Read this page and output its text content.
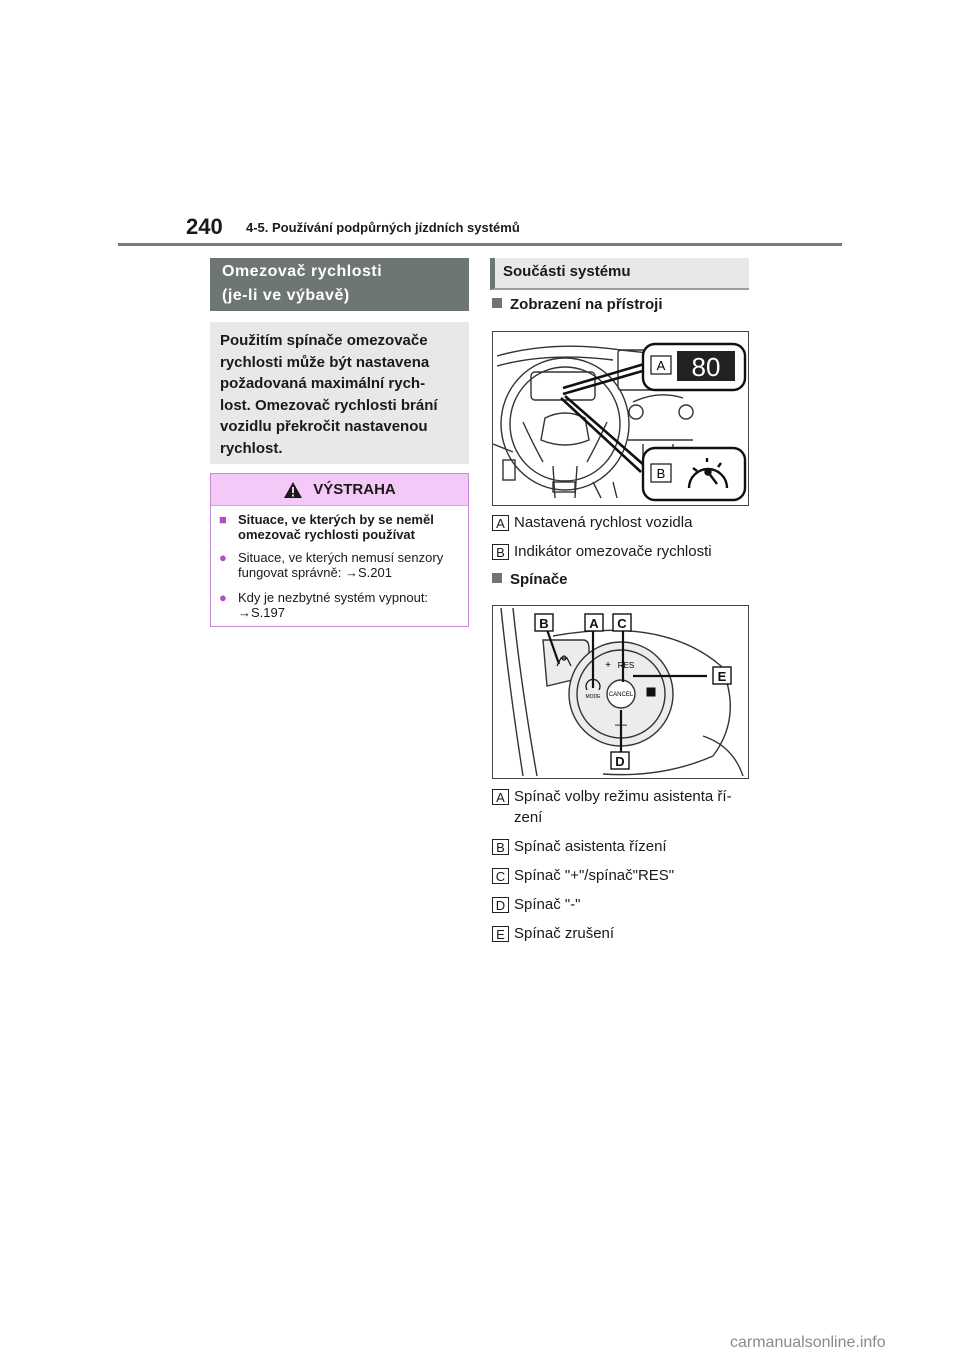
240 4-5. Používání podpůrných jízdních systémů
Omezovač rychlosti
(je-li ve výbavě)
Použitím spínače omezovače
rychlosti může být nastavena
požadovaná maximální rych-
lost. Omezovač rychlosti brání
vozidlu překročit nastavenou
rychlost.
VÝSTRAHA
■ Situace, ve kterých by se neměl
omezovač rychlosti používat
● Situace, ve kterých nemusí senzory
fungovat správně: →S.201
● Kdy je nezbytné systém vypnout:
→S.197
Součásti systému
Zobrazení na přístroji
A 80
B
A Nastavená rychlost vozidla
B Indikátor omezovače rychlosti
Spínače
CANCEL
RES
+
—
MODE
B	A C
E
D
A Spínač volby režimu asistenta ří-
zení
B Spínač asistenta řízení
C Spínač "+"/spínač"RES"
D Spínač "-"
E Spínač zrušení
carmanualsonline.info
